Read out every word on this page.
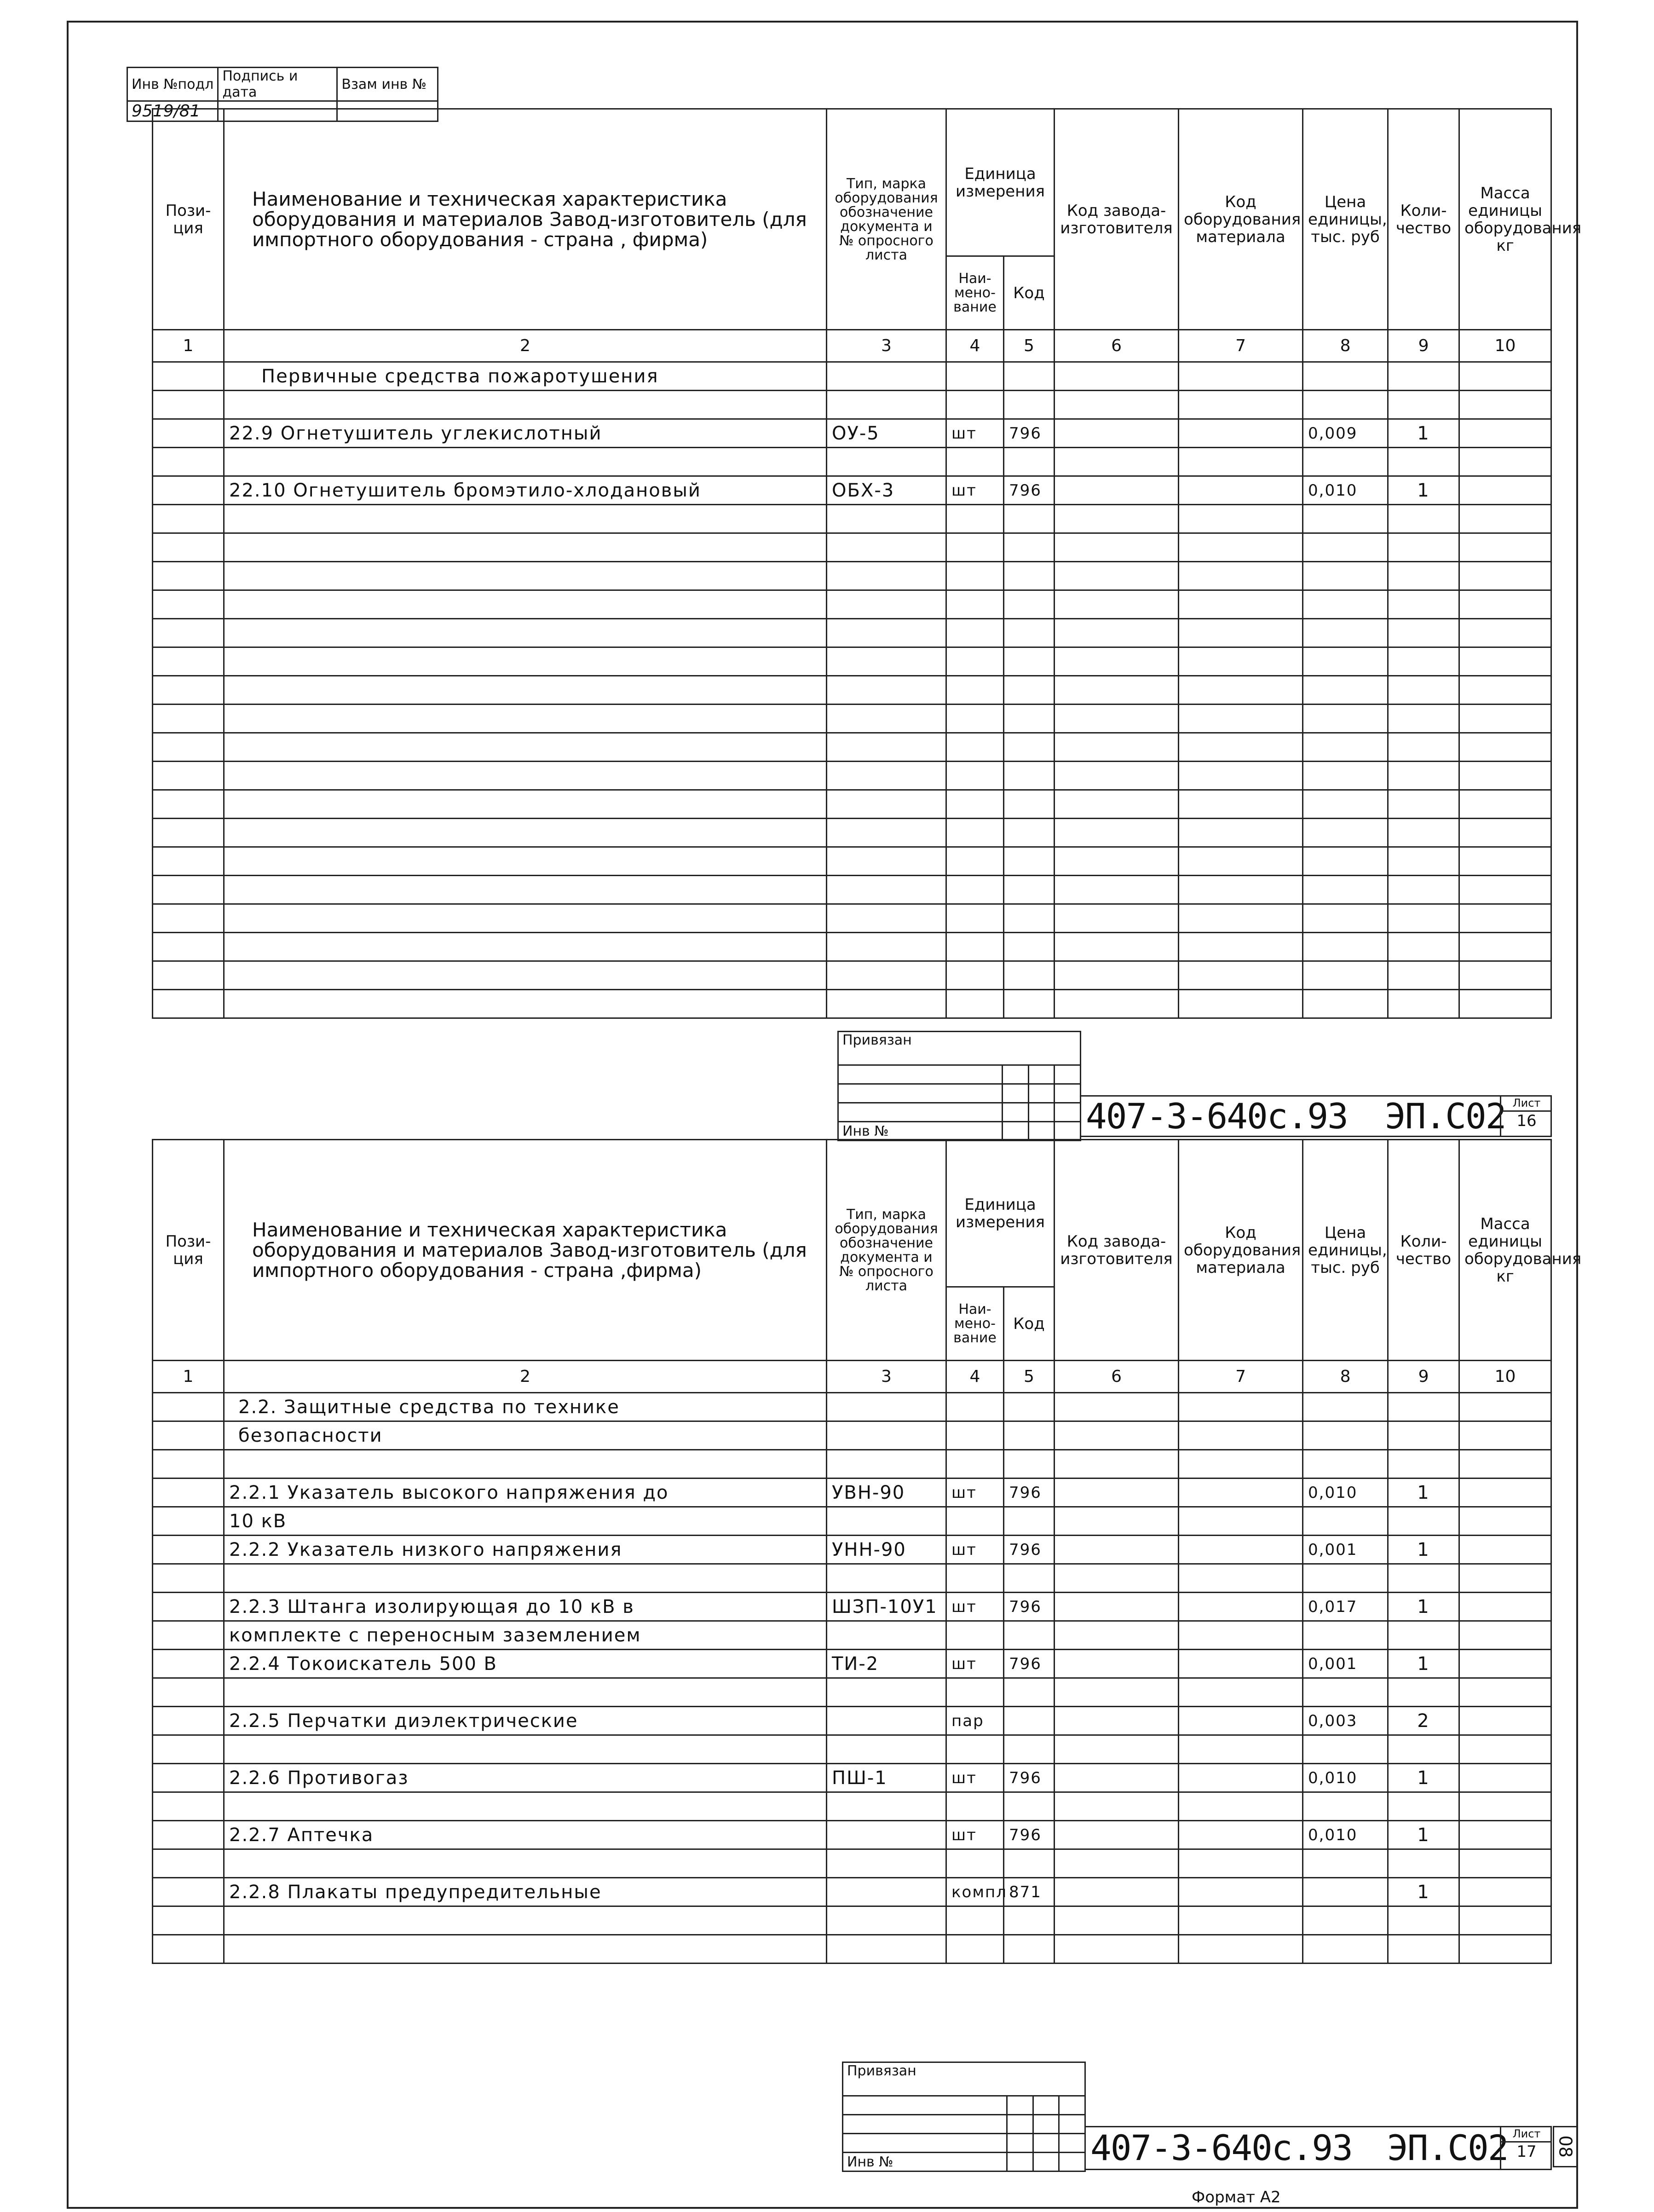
Инв №подл	Подпись и дата	Взам инв №
9519/81		
Пози- ция	Наименование и техническая характеристика оборудования и материалов Завод-изготовитель (для импортного оборудования - страна , фирма)	Тип, марка оборудования обозначение документа и № опросного листа	Единица измерения		Код завода-изготовителя	Код оборудования материала	Цена единицы, тыс. руб	Коли-чество	Масса единицы оборудования кг
			Наи-мено-вание	Код					
1	2	3	4	5	6	7	8	9	10
	Первичные средства пожаротушения								

	22.9 Огнетушитель углекислотный	ОУ-5	шт	796			0,009	1	

	22.10 Огнетушитель бромэтило-хлодановый	ОБХ-3	шт	796			0,010	1	

Привязан			

Инв №				407-3-640с.93 ЭП.С02 Лист
16
Пози- ция	Наименование и техническая характеристика оборудования и материалов Завод-изготовитель (для импортного оборудования - страна ,фирма)	Тип, марка оборудования обозначение документа и № опросного листа	Единица измерения		Код завода-изготовителя	Код оборудования материала	Цена единицы, тыс. руб	Коли-чество	Масса единицы оборудования кг
			Наи-мено-вание	Код					
1	2	3	4	5	6	7	8	9	10
	2.2. Защитные средства по технике								
	безопасности								

	2.2.1 Указатель высокого напряжения до	УВН-90	шт	796			0,010	1	
	10 кВ								
	2.2.2 Указатель низкого напряжения	УНН-90	шт	796			0,001	1	

	2.2.3 Штанга изолирующая до 10 кВ в	ШЗП-10У1	шт	796			0,017	1	
	комплекте с переносным заземлением								
	2.2.4 Токоискатель 500 В	ТИ-2	шт	796			0,001	1	

	2.2.5 Перчатки диэлектрические		пар				0,003	2	

	2.2.6 Противогаз	ПШ-1	шт	796			0,010	1	

	2.2.7 Аптечка		шт	796			0,010	1	

	2.2.8 Плакаты предупредительные		компл	871				1	

Привязан			

Инв №				407-3-640с.93 ЭП.С02 Лист
17	08
Формат А2
